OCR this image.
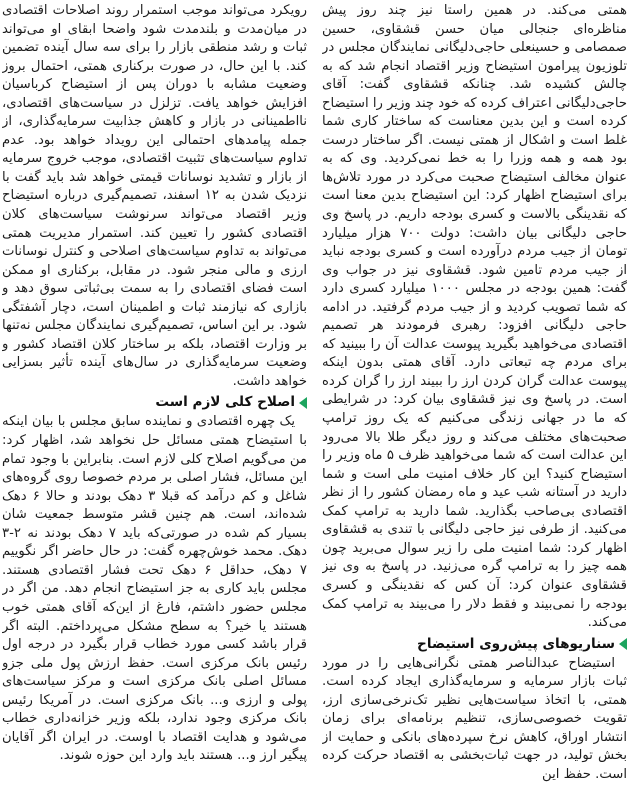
همتی می‌کند. در همین راستا نیز چند روز پیش مناظره‌ای جنجالی میان حسن قشقاوی، حسین صمصامی و حسینعلی حاجی‌دلیگانی نمایندگان مجلس در تلوزیون پیرامون استیضاح وزیر اقتصاد انجام شد که به چالش کشیده شد. چنانکه قشقاوی گفت: آقای حاجی‌دلیگانی اعتراف کرده که خود چند وزیر را استیضاح کرده است و این بدین معناست که ساختار کاری شما غلط است و اشکال از همتی نیست. اگر ساختار درست بود همه و همه وزرا را به خط نمی‌کردید. وی که به عنوان مخالف استیضاح صحبت می‌کرد در مورد تلاش‌ها برای استیضاح اظهار کرد: این استیضاح بدین معنا است که نقدینگی بالاست و کسری بودجه داریم. در پاسخ وی حاجی دلیگانی بیان داشت: دولت ۷۰۰ هزار میلیارد تومان از جیب مردم درآورده است و کسری بودجه نباید از جیب مردم تامین شود. قشقاوی نیز در جواب وی گفت: همین بودجه در مجلس ۱۰۰۰ میلیارد کسری دارد که شما تصویب کردید و از جیب مردم گرفتید. در ادامه حاجی دلیگانی افزود: رهبری فرمودند هر تصمیم اقتصادی می‌خواهید بگیرید پیوست عدالت آن را ببینید که برای مردم چه تبعاتی دارد. آقای همتی بدون اینکه پیوست عدالت گران کردن ارز را ببیند ارز را گران کرده است. در پاسخ وی نیز قشقاوی بیان کرد: در شرایطی که ما در جهانی زندگی می‌کنیم که یک روز ترامپ صحبت‌های مختلف می‌کند و روز دیگر طلا بالا می‌رود این عدالت است که شما می‌خواهید ظرف ۵ ماه وزیر را استیضاح کنید؟ این کار خلاف امنیت ملی است و شما دارید در آستانه شب عید و ماه رمضان کشور را از نظر اقتصادی بی‌صاحب بگذارید. شما دارید به ترامپ کمک می‌کنید. از طرفی نیز حاجی دلیگانی با تندی به قشقاوی اظهار کرد: شما امنیت ملی را زیر سوال می‌برید چون همه چیز را به ترامپ گره می‌زنید. در پاسخ به وی نیز قشقاوی عنوان کرد: آن کس که نقدینگی و کسری بودجه را نمی‌بیند و فقط دلار را می‌بیند به ترامپ کمک می‌کند.

سناریوهای پیش‌روی استیضاح

استیضاح عبدالناصر همتی نگرانی‌هایی را در مورد ثبات بازار سرمایه و سرمایه‌گذاری ایجاد کرده است. همتی، با اتخاذ سیاست‌هایی نظیر تک‌نرخی‌سازی ارز، تقویت خصوصی‌سازی، تنظیم برنامه‌ای برای زمان انتشار اوراق، کاهش نرخ سپرده‌های بانکی و حمایت از بخش تولید، در جهت ثبات‌بخشی به اقتصاد حرکت کرده است. حفظ این

رویکرد می‌تواند موجب استمرار روند اصلاحات اقتصادی در میان‌مدت و بلندمدت شود واضحا ابقای او می‌تواند ثبات و رشد منطقی بازار را برای سه سال آینده تضمین کند. با این حال، در صورت برکناری همتی، احتمال بروز وضعیت مشابه با دوران پس از استیضاح کرباسیان افزایش خواهد یافت. تزلزل در سیاست‌های اقتصادی، نااطمینانی در بازار و کاهش جذابیت سرمایه‌گذاری، از جمله پیامدهای احتمالی این رویداد خواهد بود. عدم تداوم سیاست‌های تثبیت اقتصادی، موجب خروج سرمایه از بازار و تشدید نوسانات قیمتی خواهد شد باید گفت با نزدیک شدن به ۱۲ اسفند، تصمیم‌گیری درباره استیضاح وزیر اقتصاد می‌تواند سرنوشت سیاست‌های کلان اقتصادی کشور را تعیین کند. استمرار مدیریت همتی می‌تواند به تداوم سیاست‌های اصلاحی و کنترل نوسانات ارزی و مالی منجر شود. در مقابل، برکناری او ممکن است فضای اقتصادی را به سمت بی‌ثباتی سوق دهد و بازاری که نیازمند ثبات و اطمینان است، دچار آشفتگی شود. بر این اساس، تصمیم‌گیری نمایندگان مجلس نه‌تنها بر وزارت اقتصاد، بلکه بر ساختار کلان اقتصاد کشور و وضعیت سرمایه‌گذاری در سال‌های آینده تأثیر بسزایی خواهد داشت.

اصلاح کلی لازم است

یک چهره اقتصادی و نماینده سابق مجلس با بیان اینکه با استیضاح همتی مسائل حل نخواهد شد، اظهار کرد: من می‌گویم اصلاح کلی لازم است. بنابراین با وجود تمام این مسائل، فشار اصلی بر مردم خصوصا روی گروه‌های شاغل و کم درآمد که قبلا ۳ دهک بودند و حالا ۶ دهک شده‌اند، است. هم چنین قشر متوسط جمعیت شان بسیار کم شده در صورتی‌که باید ۷ دهک بودند نه ۲-۳ دهک. محمد خوش‌چهره گفت: در حال حاضر اگر نگوییم ۷ دهک، حداقل ۶ دهک تحت فشار اقتصادی هستند. مجلس باید کاری به جز استیضاح انجام دهد. من اگر در مجلس حضور داشتم، فارغ از این‌که آقای همتی خوب هستند یا خیر؟ به سطح مشکل می‌پرداختم. البته اگر قرار باشد کسی مورد خطاب قرار بگیرد در درجه اول رئیس بانک مرکزی است. حفظ ارزش پول ملی جزو مسائل اصلی بانک مرکزی است و مرکز سیاست‌های پولی و ارزی و... بانک مرکزی است. در آمریکا رئیس بانک مرکزی وجود ندارد، بلکه وزیر خزانه‌داری خطاب می‌شود و هدایت اقتصاد با اوست. در ایران اگر آقایان پیگیر ارز و... هستند باید وارد این حوزه شوند.
